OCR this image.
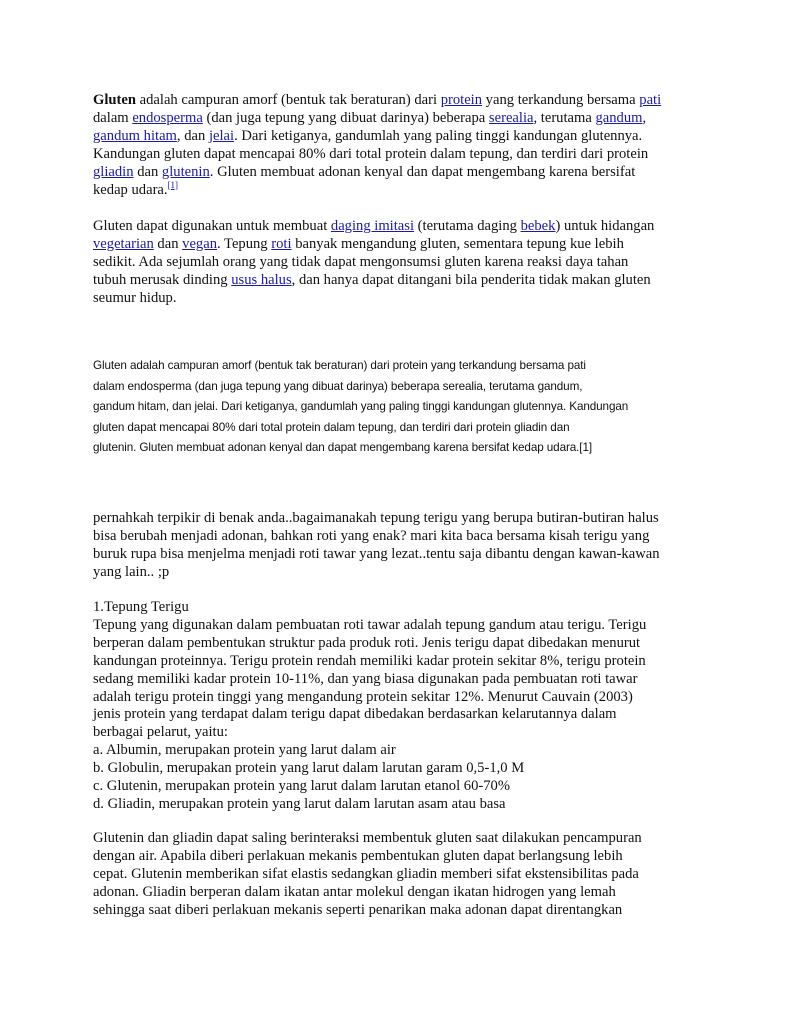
Gluten adalah campuran amorf (bentuk tak beraturan) dari protein yang terkandung bersama pati
dalam endosperma (dan juga tepung yang dibuat darinya) beberapa serealia, terutama gandum,
gandum hitam, dan jelai. Dari ketiganya, gandumlah yang paling tinggi kandungan glutennya.
Kandungan gluten dapat mencapai 80% dari total protein dalam tepung, dan terdiri dari protein
gliadin dan glutenin. Gluten membuat adonan kenyal dan dapat mengembang karena bersifat
kedap udara.[1]
Gluten dapat digunakan untuk membuat daging imitasi (terutama daging bebek) untuk hidangan
vegetarian dan vegan. Tepung roti banyak mengandung gluten, sementara tepung kue lebih
sedikit. Ada sejumlah orang yang tidak dapat mengonsumsi gluten karena reaksi daya tahan
tubuh merusak dinding usus halus, dan hanya dapat ditangani bila penderita tidak makan gluten
seumur hidup.
Gluten adalah campuran amorf (bentuk tak beraturan) dari protein yang terkandung bersama pati
dalam endosperma (dan juga tepung yang dibuat darinya) beberapa serealia, terutama gandum,
gandum hitam, dan jelai. Dari ketiganya, gandumlah yang paling tinggi kandungan glutennya. Kandungan
gluten dapat mencapai 80% dari total protein dalam tepung, dan terdiri dari protein gliadin dan
glutenin. Gluten membuat adonan kenyal dan dapat mengembang karena bersifat kedap udara.[1]
pernahkah terpikir di benak anda..bagaimanakah tepung terigu yang berupa butiran-butiran halus
bisa berubah menjadi adonan, bahkan roti yang enak? mari kita baca bersama kisah terigu yang
buruk rupa bisa menjelma menjadi roti tawar yang lezat..tentu saja dibantu dengan kawan-kawan
yang lain.. ;p
1.Tepung Terigu
Tepung yang digunakan dalam pembuatan roti tawar adalah tepung gandum atau terigu. Terigu
berperan dalam pembentukan struktur pada produk roti. Jenis terigu dapat dibedakan menurut
kandungan proteinnya. Terigu protein rendah memiliki kadar protein sekitar 8%, terigu protein
sedang memiliki kadar protein 10-11%, dan yang biasa digunakan pada pembuatan roti tawar
adalah terigu protein tinggi yang mengandung protein sekitar 12%. Menurut Cauvain (2003)
jenis protein yang terdapat dalam terigu dapat dibedakan berdasarkan kelarutannya dalam
berbagai pelarut, yaitu:
a. Albumin, merupakan protein yang larut dalam air
b. Globulin, merupakan protein yang larut dalam larutan garam 0,5-1,0 M
c. Glutenin, merupakan protein yang larut dalam larutan etanol 60-70%
d. Gliadin, merupakan protein yang larut dalam larutan asam atau basa
Glutenin dan gliadin dapat saling berinteraksi membentuk gluten saat dilakukan pencampuran
dengan air. Apabila diberi perlakuan mekanis pembentukan gluten dapat berlangsung lebih
cepat. Glutenin memberikan sifat elastis sedangkan gliadin memberi sifat ekstensibilitas pada
adonan. Gliadin berperan dalam ikatan antar molekul dengan ikatan hidrogen yang lemah
sehingga saat diberi perlakuan mekanis seperti penarikan maka adonan dapat direntangkan
